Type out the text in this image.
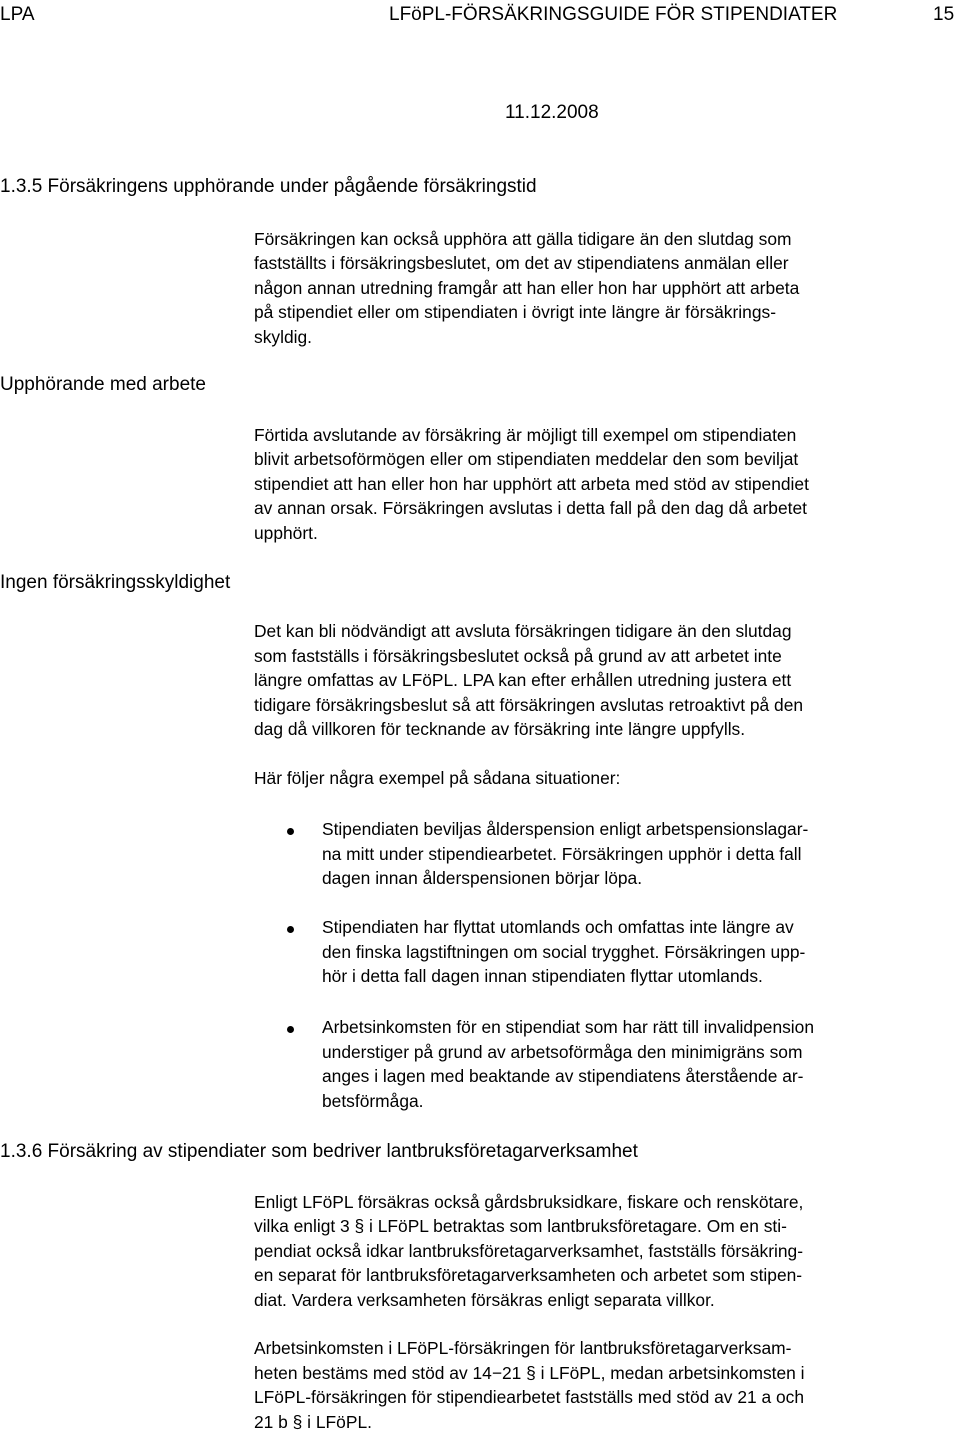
LPA	LFöPL-FÖRSÄKRINGSGUIDE FÖR STIPENDIATER	15
11.12.2008
1.3.5 Försäkringens upphörande under pågående försäkringstid
Upphörande med arbete
Ingen försäkringsskyldighet
Försäkringen kan också upphöra att gälla tidigare än den slutdag som
fastställts i försäkringsbeslutet, om det av stipendiatens anmälan eller
någon annan utredning framgår att han eller hon har upphört att arbeta
på stipendiet eller om stipendiaten i övrigt inte längre är försäkrings-
skyldig.
Förtida avslutande av försäkring är möjligt till exempel om stipendiaten
blivit arbetsoförmögen eller om stipendiaten meddelar den som beviljat
stipendiet att han eller hon har upphört att arbeta med stöd av stipendiet
av annan orsak. Försäkringen avslutas i detta fall på den dag då arbetet
upphört.
Det kan bli nödvändigt att avsluta försäkringen tidigare än den slutdag
som fastställs i försäkringsbeslutet också på grund av att arbetet inte
längre omfattas av LFöPL. LPA kan efter erhållen utredning justera ett
tidigare försäkringsbeslut så att försäkringen avslutas retroaktivt på den
dag då villkoren för tecknande av försäkring inte längre uppfylls.
Här följer några exempel på sådana situationer:
Stipendiaten beviljas ålderspension enligt arbetspensionslagar-
na mitt under stipendiearbetet. Försäkringen upphör i detta fall
dagen innan ålderspensionen börjar löpa.
Stipendiaten har flyttat utomlands och omfattas inte längre av
den finska lagstiftningen om social trygghet. Försäkringen upp-
hör i detta fall dagen innan stipendiaten flyttar utomlands.
Arbetsinkomsten för en stipendiat som har rätt till invalidpension
understiger på grund av arbetsoförmåga den minimigräns som
anges i lagen med beaktande av stipendiatens återstående ar-
betsförmåga.
1.3.6 Försäkring av stipendiater som bedriver lantbruksföretagarverksamhet
Enligt LFöPL försäkras också gårdsbruksidkare, fiskare och renskötare,
vilka enligt 3 § i LFöPL betraktas som lantbruksföretagare. Om en sti-
pendiat också idkar lantbruksföretagarverksamhet, fastställs försäkring-
en separat för lantbruksföretagarverksamheten och arbetet som stipen-
diat. Vardera verksamheten försäkras enligt separata villkor.
Arbetsinkomsten i LFöPL-försäkringen för lantbruksföretagarverksam-
heten bestäms med stöd av 14−21 § i LFöPL, medan arbetsinkomsten i
LFöPL-försäkringen för stipendiearbetet fastställs med stöd av 21 a och
21 b § i LFöPL.
